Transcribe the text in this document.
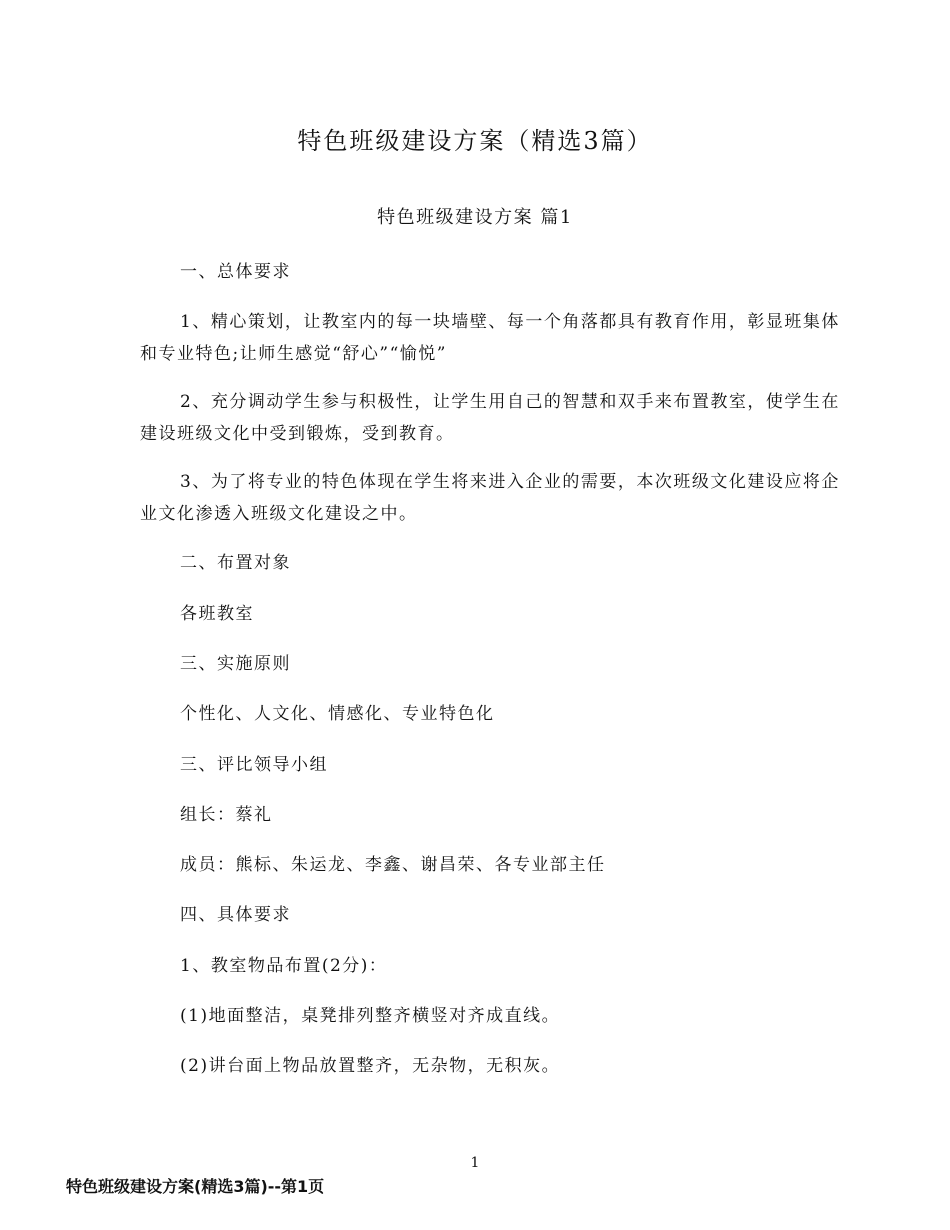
特色班级建设方案（精选3篇）
特色班级建设方案 篇1
一、总体要求
1、精心策划，让教室内的每一块墙壁、每一个角落都具有教育作用，彰显班集体和专业特色;让师生感觉“舒心”“愉悦”
2、充分调动学生参与积极性，让学生用自己的智慧和双手来布置教室，使学生在建设班级文化中受到锻炼，受到教育。
3、为了将专业的特色体现在学生将来进入企业的需要，本次班级文化建设应将企业文化渗透入班级文化建设之中。
二、布置对象
各班教室
三、实施原则
个性化、人文化、情感化、专业特色化
三、评比领导小组
组长：蔡礼
成员：熊标、朱运龙、李鑫、谢昌荣、各专业部主任
四、具体要求
1、教室物品布置(2分)：
(1)地面整洁，桌凳排列整齐横竖对齐成直线。
(2)讲台面上物品放置整齐，无杂物，无积灰。
1
特色班级建设方案(精选3篇)--第1页
